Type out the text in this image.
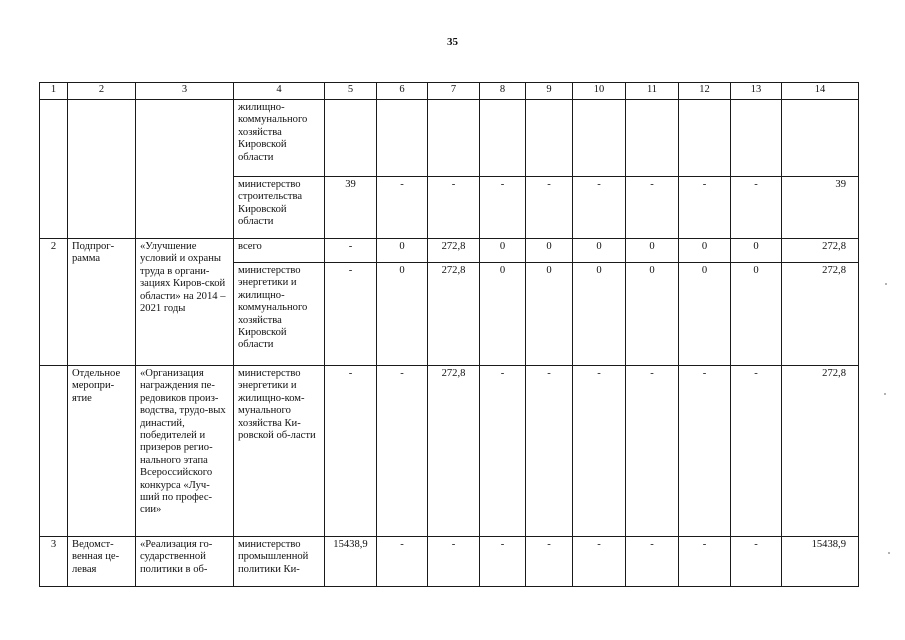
35
1	2	3	4	5	6	7	8	9	10	11	12	13	14
			жилищно-коммунального хозяйства Кировской области										
			министерство строительства Кировской области	39	-	-	-	-	-	-	-	-	39
2	Подпрог-рамма	«Улучшение условий и охраны труда в органи-зациях Киров-ской области» на 2014 – 2021 годы	всего	-	0	272,8	0	0	0	0	0	0	272,8
			министерство энергетики и жилищно-коммунального хозяйства Кировской области	-	0	272,8	0	0	0	0	0	0	272,8
	Отдельное меропри-ятие	«Организация награждения пе-редовиков произ-водства, трудо-вых династий, победителей и призеров регио-нального этапа Всероссийского конкурса «Луч-ший по профес-сии»	министерство энергетики и жилищно-ком-мунального хозяйства Ки-ровской об-ласти	-	-	272,8	-	-	-	-	-	-	272,8
3	Ведомст-венная це-левая	«Реализация го-сударственной политики в об-	министерство промышленной политики Ки-	15438,9	-	-	-	-	-	-	-	-	15438,9
